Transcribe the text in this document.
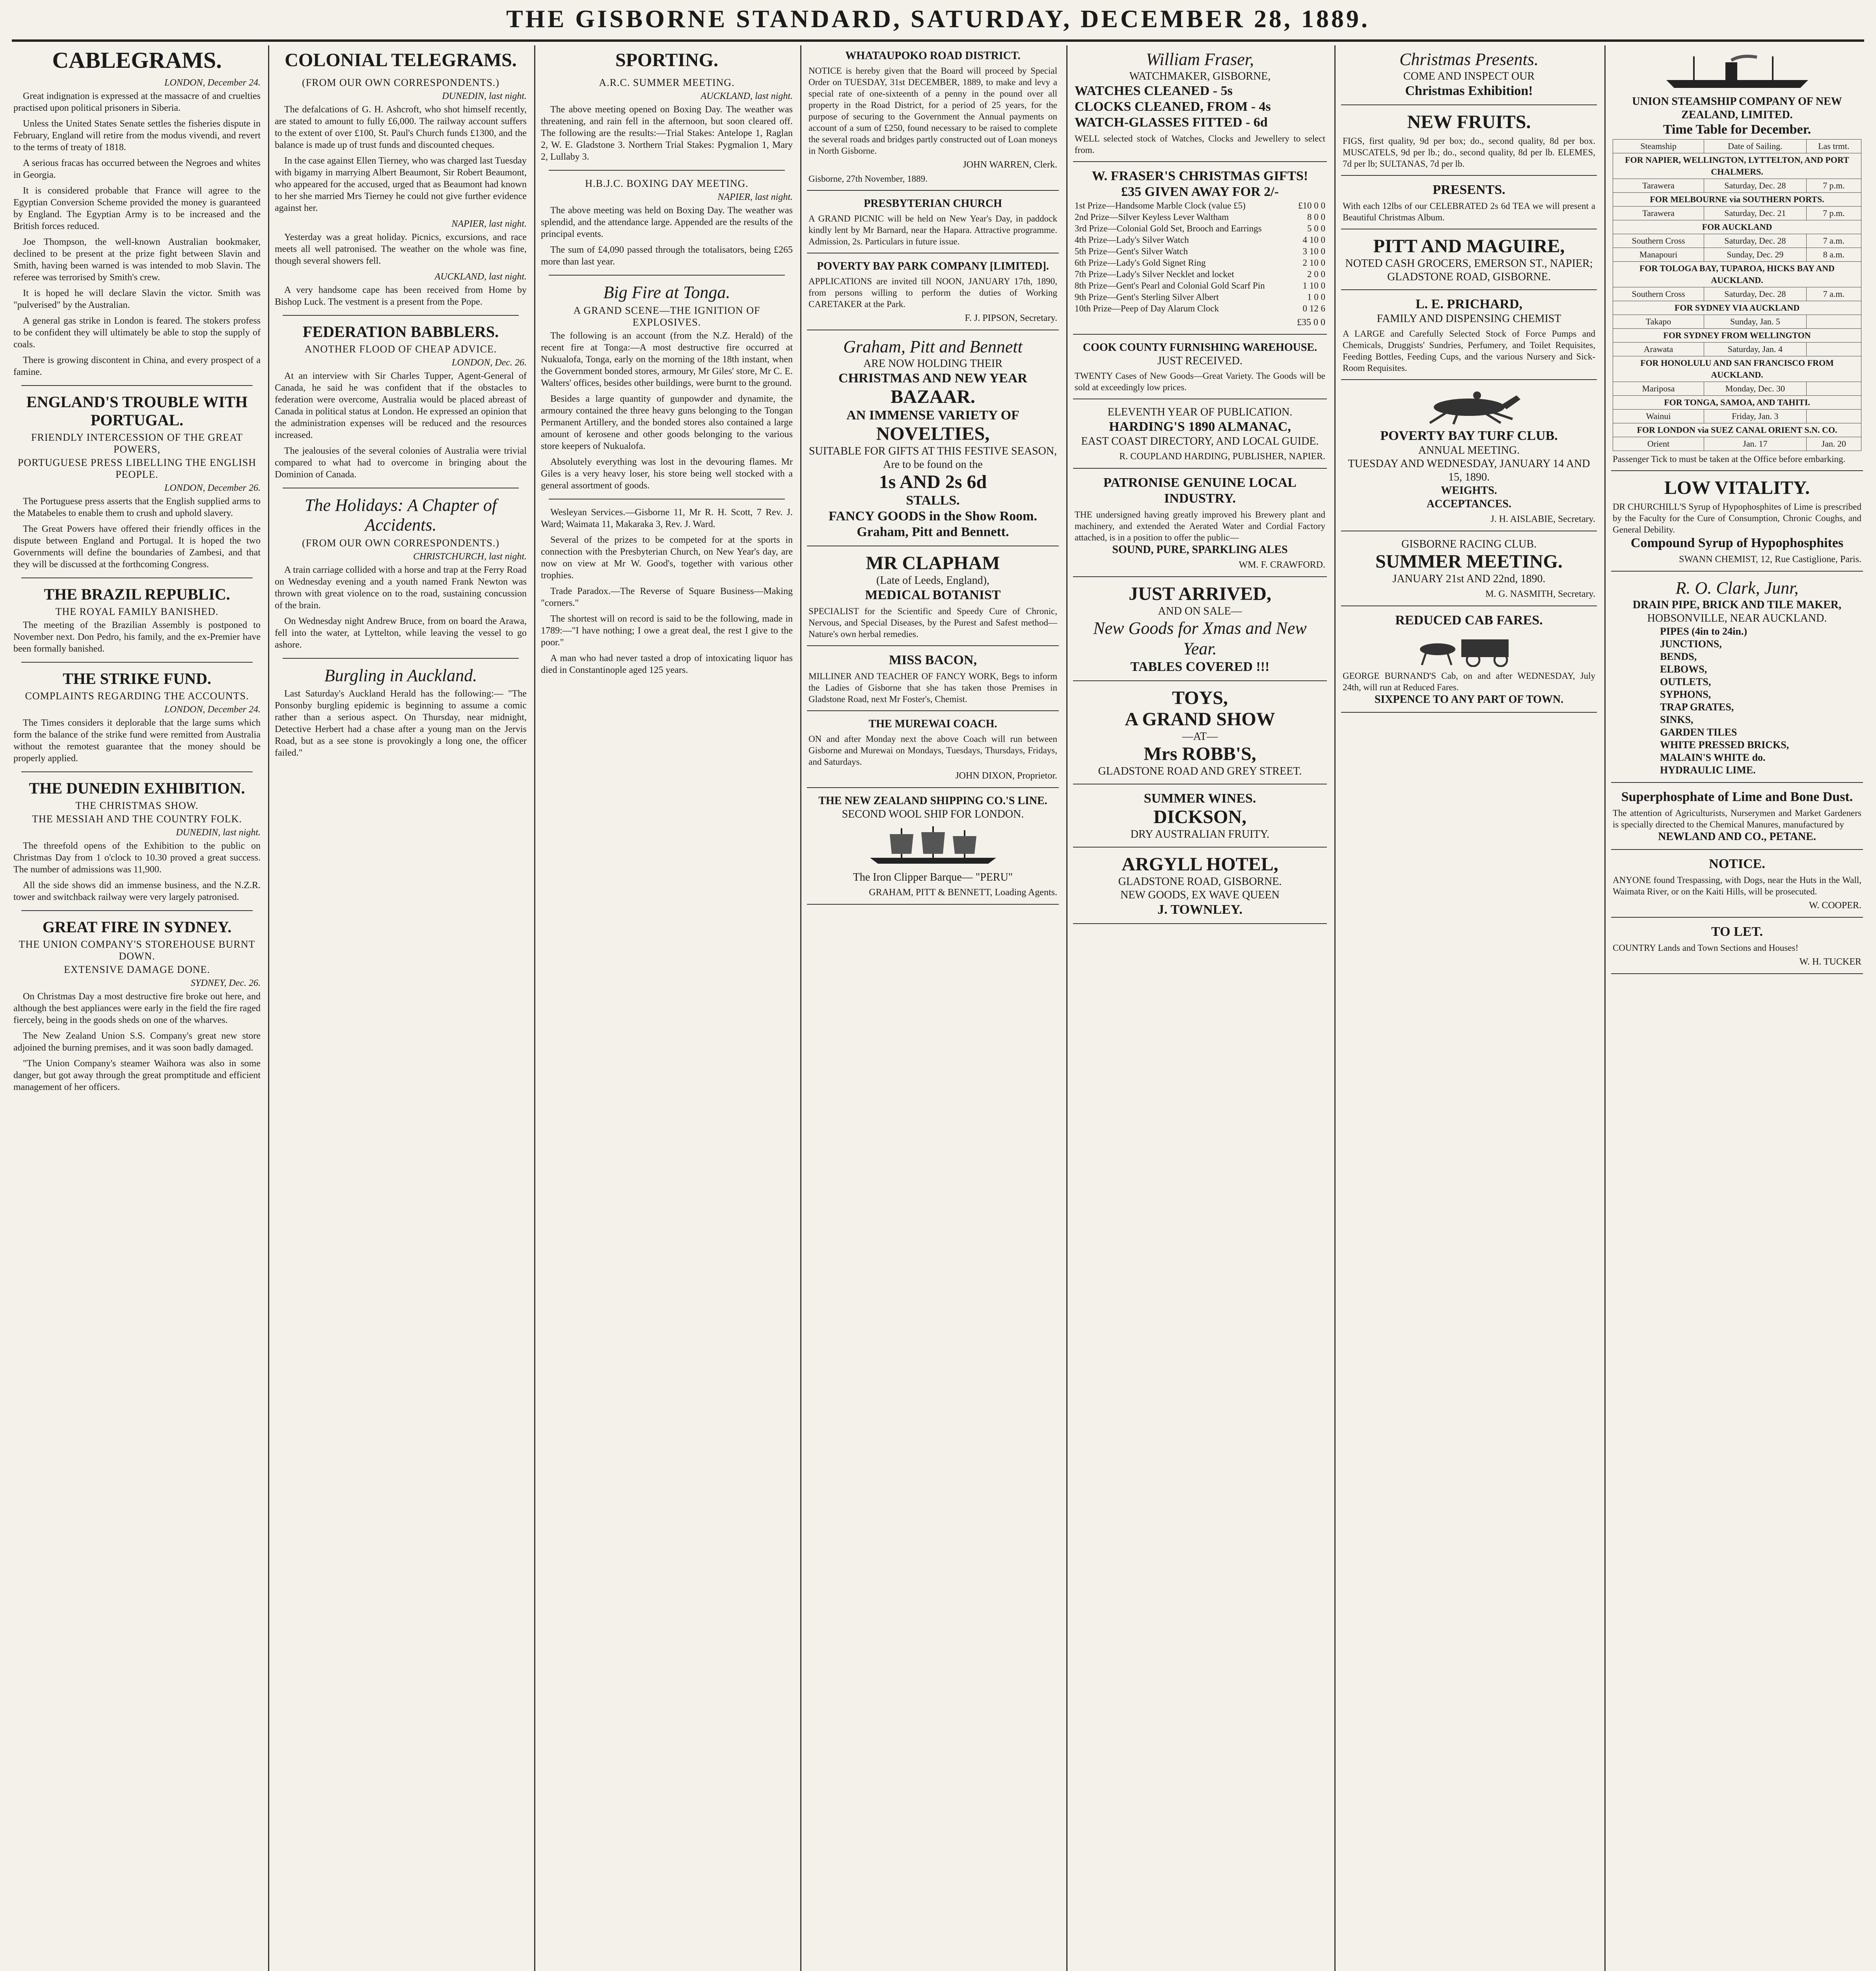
THE GISBORNE STANDARD, SATURDAY, DECEMBER 28, 1889.
CABLEGRAMS.
LONDON, December 24.

Great indignation is expressed at the massacre of and cruelties practised upon political prisoners in Siberia.

Unless the United States Senate settles the fisheries dispute in February, England will retire from the modus vivendi, and revert to the terms of treaty of 1818.

A serious fracas has occurred between the Negroes and whites in Georgia.

It is considered probable that France will agree to the Egyptian Conversion Scheme provided the money is guaranteed by England. The Egyptian Army is to be increased and the British forces reduced.

Joe Thompson, the well-known Australian bookmaker, declined to be present at the prize fight between Slavin and Smith, having been warned is was intended to mob Slavin. The referee was terrorised by Smith's crew.

It is hoped he will declare Slavin the victor. Smith was "pulverised" by the Australian.

A general gas strike in London is feared. The stokers profess to be confident they will ultimately be able to stop the supply of coals.

There is growing discontent in China, and every prospect of a famine.

ENGLAND'S TROUBLE WITH PORTUGAL.
FRIENDLY INTERCESSION OF THE GREAT POWERS,
PORTUGUESE PRESS LIBELLING THE ENGLISH PEOPLE.
LONDON, December 26.

The Portuguese press asserts that the English supplied arms to the Matabeles to enable them to crush and uphold slavery.

The Great Powers have offered their friendly offices in the dispute between England and Portugal. It is hoped the two Governments will define the boundaries of Zambesi, and that they will be discussed at the forthcoming Congress.

THE BRAZIL REPUBLIC.
THE ROYAL FAMILY BANISHED.

The meeting of the Brazilian Assembly is postponed to November next. Don Pedro, his family, and the ex-Premier have been formally banished.

THE STRIKE FUND.
COMPLAINTS REGARDING THE ACCOUNTS.
LONDON, December 24.

The Times considers it deplorable that the large sums which form the balance of the strike fund were remitted from Australia without the remotest guarantee that the money should be properly applied.

THE DUNEDIN EXHIBITION.
THE CHRISTMAS SHOW.
THE MESSIAH AND THE COUNTRY FOLK.
DUNEDIN, last night.

The threefold opens of the Exhibition to the public on Christmas Day from 1 o'clock to 10.30 proved a great success. The number of admissions was 11,900.

All the side shows did an immense business, and the N.Z.R. tower and switchback railway were very largely patronised.

GREAT FIRE IN SYDNEY.
THE UNION COMPANY'S STOREHOUSE BURNT DOWN.
EXTENSIVE DAMAGE DONE.
SYDNEY, Dec. 26.

On Christmas Day a most destructive fire broke out here, and although the best appliances were early in the field the fire raged fiercely, being in the goods sheds on one of the wharves.

The New Zealand Union S.S. Company's great new store adjoined the burning premises, and it was soon badly damaged.

"The Union Company's steamer Waihora was also in some danger, but got away through the great promptitude and efficient management of her officers.

COLONIAL TELEGRAMS.
(FROM OUR OWN CORRESPONDENTS.)
DUNEDIN, last night.

The defalcations of G. H. Ashcroft, who shot himself recently, are stated to amount to fully £6,000. The railway account suffers to the extent of over £100, St. Paul's Church funds £1300, and the balance is made up of trust funds and discounted cheques.

In the case against Ellen Tierney, who was charged last Tuesday with bigamy in marrying Albert Beaumont, Sir Robert Beaumont, who appeared for the accused, urged that as Beaumont had known to her she married Mrs Tierney he could not give further evidence against her.

NAPIER, last night.

Yesterday was a great holiday. Picnics, excursions, and race meets all well patronised. The weather on the whole was fine, though several showers fell.

AUCKLAND, last night.

A very handsome cape has been received from Home by Bishop Luck. The vestment is a present from the Pope.

FEDERATION BABBLERS.
ANOTHER FLOOD OF CHEAP ADVICE.
LONDON, Dec. 26.

At an interview with Sir Charles Tupper, Agent-General of Canada, he said he was confident that if the obstacles to federation were overcome, Australia would be placed abreast of Canada in political status at London. He expressed an opinion that the administration expenses will be reduced and the resources increased.

The jealousies of the several colonies of Australia were trivial compared to what had to overcome in bringing about the Dominion of Canada.

The Holidays: A Chapter of Accidents.
(FROM OUR OWN CORRESPONDENTS.)
CHRISTCHURCH, last night.

A train carriage collided with a horse and trap at the Ferry Road on Wednesday evening and a youth named Frank Newton was thrown with great violence on to the road, sustaining concussion of the brain.

On Wednesday night Andrew Bruce, from on board the Arawa, fell into the water, at Lyttelton, while leaving the vessel to go ashore.

Burgling in Auckland.

Last Saturday's Auckland Herald has the following:— "The Ponsonby burgling epidemic is beginning to assume a comic rather than a serious aspect. On Thursday, near midnight, Detective Herbert had a chase after a young man on the Jervis Road, but as a see stone is provokingly a long one, the officer failed."

SPORTING.
A.R.C. SUMMER MEETING.
AUCKLAND, last night.

The above meeting opened on Boxing Day. The weather was threatening, and rain fell in the afternoon, but soon cleared off. The following are the results:—Trial Stakes: Antelope 1, Raglan 2, W. E. Gladstone 3. Northern Trial Stakes: Pygmalion 1, Mary 2, Lullaby 3.

H.B.J.C. BOXING DAY MEETING.
NAPIER, last night.

The above meeting was held on Boxing Day. The weather was splendid, and the attendance large. Appended are the results of the principal events.

The sum of £4,090 passed through the totalisators, being £265 more than last year.

Big Fire at Tonga.
A GRAND SCENE—THE IGNITION OF EXPLOSIVES.

The following is an account (from the N.Z. Herald) of the recent fire at Tonga:—A most destructive fire occurred at Nukualofa, Tonga, early on the morning of the 18th instant, when the Government bonded stores, armoury, Mr Giles' store, Mr C. E. Walters' offices, besides other buildings, were burnt to the ground.

Besides a large quantity of gunpowder and dynamite, the armoury contained the three heavy guns belonging to the Tongan Permanent Artillery, and the bonded stores also contained a large amount of kerosene and other goods belonging to the various store keepers of Nukualofa.

Absolutely everything was lost in the devouring flames. Mr Giles is a very heavy loser, his store being well stocked with a general assortment of goods.

Wesleyan Services.—Gisborne 11, Mr R. H. Scott, 7 Rev. J. Ward; Waimata 11, Makaraka 3, Rev. J. Ward.

Several of the prizes to be competed for at the sports in connection with the Presbyterian Church, on New Year's day, are now on view at Mr W. Good's, together with various other trophies.

Trade Paradox.—The Reverse of Square Business—Making "corners."

The shortest will on record is said to be the following, made in 1789:—"I have nothing; I owe a great deal, the rest I give to the poor."

A man who had never tasted a drop of intoxicating liquor has died in Constantinople aged 125 years.

WHATAUPOKO ROAD DISTRICT.
NOTICE is hereby given that the Board will proceed by Special Order on TUESDAY, 31st DECEMBER, 1889, to make and levy a special rate of one-sixteenth of a penny in the pound over all property in the Road District, for a period of 25 years, for the purpose of securing to the Government the Annual payments on account of a sum of £250, found necessary to be raised to complete the several roads and bridges partly constructed out of Loan moneys in North Gisborne.
JOHN WARREN, Clerk.
Gisborne, 27th November, 1889.
PRESBYTERIAN CHURCH
A GRAND PICNIC will be held on New Year's Day, in paddock kindly lent by Mr Barnard, near the Hapara. Attractive programme. Admission, 2s. Particulars in future issue.
POVERTY BAY PARK COMPANY [LIMITED].
APPLICATIONS are invited till NOON, JANUARY 17th, 1890, from persons willing to perform the duties of Working CARETAKER at the Park.
F. J. PIPSON, Secretary.
Graham, Pitt and Bennett
ARE NOW HOLDING THEIR
CHRISTMAS AND NEW YEAR
BAZAAR.
AN IMMENSE VARIETY OF
NOVELTIES,
SUITABLE FOR GIFTS AT THIS FESTIVE SEASON,
Are to be found on the
1s AND 2s 6d
STALLS.
FANCY GOODS in the Show Room.
Graham, Pitt and Bennett.
MR CLAPHAM
(Late of Leeds, England),
MEDICAL BOTANIST
SPECIALIST for the Scientific and Speedy Cure of Chronic, Nervous, and Special Diseases, by the Purest and Safest method—Nature's own herbal remedies.
MISS BACON,
MILLINER AND TEACHER OF FANCY WORK, Begs to inform the Ladies of Gisborne that she has taken those Premises in Gladstone Road, next Mr Foster's, Chemist.
THE MUREWAI COACH.
ON and after Monday next the above Coach will run between Gisborne and Murewai on Mondays, Tuesdays, Thursdays, Fridays, and Saturdays.
JOHN DIXON, Proprietor.
THE NEW ZEALAND SHIPPING CO.'S LINE.
SECOND WOOL SHIP FOR LONDON.
The Iron Clipper Barque— "PERU"
GRAHAM, PITT & BENNETT, Loading Agents.
William Fraser,
WATCHMAKER, GISBORNE,
WATCHES CLEANED - 5s
CLOCKS CLEANED, FROM - 4s
WATCH-GLASSES FITTED - 6d
WELL selected stock of Watches, Clocks and Jewellery to select from.
W. FRASER'S CHRISTMAS GIFTS!
£35 GIVEN AWAY FOR 2/-
1st Prize—Handsome Marble Clock (value £5)	£10 0 0
2nd Prize—Silver Keyless Lever Waltham	8 0 0
3rd Prize—Colonial Gold Set, Brooch and Earrings	5 0 0
4th Prize—Lady's Silver Watch	4 10 0
5th Prize—Gent's Silver Watch	3 10 0
6th Prize—Lady's Gold Signet Ring	2 10 0
7th Prize—Lady's Silver Necklet and locket	2 0 0
8th Prize—Gent's Pearl and Colonial Gold Scarf Pin	1 10 0
9th Prize—Gent's Sterling Silver Albert	1 0 0
10th Prize—Peep of Day Alarum Clock	0 12 6
£35 0 0
COOK COUNTY FURNISHING WAREHOUSE.
JUST RECEIVED.
TWENTY Cases of New Goods—Great Variety. The Goods will be sold at exceedingly low prices.
ELEVENTH YEAR OF PUBLICATION.
HARDING'S 1890 ALMANAC,
EAST COAST DIRECTORY, AND LOCAL GUIDE.
R. COUPLAND HARDING, PUBLISHER, NAPIER.
PATRONISE GENUINE LOCAL INDUSTRY.
THE undersigned having greatly improved his Brewery plant and machinery, and extended the Aerated Water and Cordial Factory attached, is in a position to offer the public—
SOUND, PURE, SPARKLING ALES
WM. F. CRAWFORD.
JUST ARRIVED,
AND ON SALE—
New Goods for Xmas and New Year.
TABLES COVERED !!!
TOYS,
A GRAND SHOW
—AT—
Mrs ROBB'S,
GLADSTONE ROAD AND GREY STREET.
SUMMER WINES.
DICKSON,
DRY AUSTRALIAN FRUITY.
ARGYLL HOTEL,
GLADSTONE ROAD, GISBORNE.
NEW GOODS, EX WAVE QUEEN
J. TOWNLEY.
Christmas Presents.
COME AND INSPECT OUR
Christmas Exhibition!
NEW FRUITS.
FIGS, first quality, 9d per box; do., second quality, 8d per box. MUSCATELS, 9d per lb.; do., second quality, 8d per lb. ELEMES, 7d per lb; SULTANAS, 7d per lb.
PRESENTS.
With each 12lbs of our CELEBRATED 2s 6d TEA we will present a Beautiful Christmas Album.
PITT AND MAGUIRE,
NOTED CASH GROCERS, EMERSON ST., NAPIER; GLADSTONE ROAD, GISBORNE.
L. E. PRICHARD,
FAMILY AND DISPENSING CHEMIST
A LARGE and Carefully Selected Stock of Force Pumps and Chemicals, Druggists' Sundries, Perfumery, and Toilet Requisites, Feeding Bottles, Feeding Cups, and the various Nursery and Sick-Room Requisites.
POVERTY BAY TURF CLUB.
ANNUAL MEETING.
TUESDAY AND WEDNESDAY, JANUARY 14 AND 15, 1890.
WEIGHTS.
ACCEPTANCES.
J. H. AISLABIE, Secretary.
GISBORNE RACING CLUB.
SUMMER MEETING.
JANUARY 21st AND 22nd, 1890.
M. G. NASMITH, Secretary.
REDUCED CAB FARES.
GEORGE BURNAND'S Cab, on and after WEDNESDAY, July 24th, will run at Reduced Fares.
SIXPENCE TO ANY PART OF TOWN.
UNION STEAMSHIP COMPANY OF NEW ZEALAND, LIMITED.
Time Table for December.
Steamship	Date of Sailing.	Las trmt.
FOR NAPIER, WELLINGTON, LYTTELTON, AND PORT CHALMERS.		
Tarawera	Saturday, Dec. 28	7 p.m.
FOR MELBOURNE via SOUTHERN PORTS.		
Tarawera	Saturday, Dec. 21	7 p.m.
FOR AUCKLAND		
Southern Cross	Saturday, Dec. 28	7 a.m.
Manapouri	Sunday, Dec. 29	8 a.m.
FOR TOLOGA BAY, TUPAROA, HICKS BAY AND AUCKLAND.		
Southern Cross	Saturday, Dec. 28	7 a.m.
FOR SYDNEY VIA AUCKLAND		
Takapo	Sunday, Jan. 5	
FOR SYDNEY FROM WELLINGTON		
Arawata	Saturday, Jan. 4	
FOR HONOLULU AND SAN FRANCISCO FROM AUCKLAND.		
Mariposa	Monday, Dec. 30	
FOR TONGA, SAMOA, AND TAHITI.		
Wainui	Friday, Jan. 3	
FOR LONDON via SUEZ CANAL ORIENT S.N. CO.		
Orient	Jan. 17	Jan. 20
Passenger Tick to must be taken at the Office before embarking.
LOW VITALITY.
DR CHURCHILL'S Syrup of Hypophosphites of Lime is prescribed by the Faculty for the Cure of Consumption, Chronic Coughs, and General Debility.
Compound Syrup of Hypophosphites
SWANN CHEMIST, 12, Rue Castiglione, Paris.
R. O. Clark, Junr,
DRAIN PIPE, BRICK AND TILE MAKER,
HOBSONVILLE, NEAR AUCKLAND.
PIPES (4in to 24in.)
JUNCTIONS,
BENDS,
ELBOWS,
OUTLETS,
SYPHONS,
TRAP GRATES,
SINKS,
GARDEN TILES
WHITE PRESSED BRICKS,
MALAIN'S WHITE do.
HYDRAULIC LIME.
Superphosphate of Lime and Bone Dust.
The attention of Agriculturists, Nurserymen and Market Gardeners is specially directed to the Chemical Manures, manufactured by
NEWLAND AND CO., PETANE.
NOTICE.
ANYONE found Trespassing, with Dogs, near the Huts in the Wall, Waimata River, or on the Kaiti Hills, will be prosecuted.
W. COOPER.
TO LET.
COUNTRY Lands and Town Sections and Houses!
W. H. TUCKER
